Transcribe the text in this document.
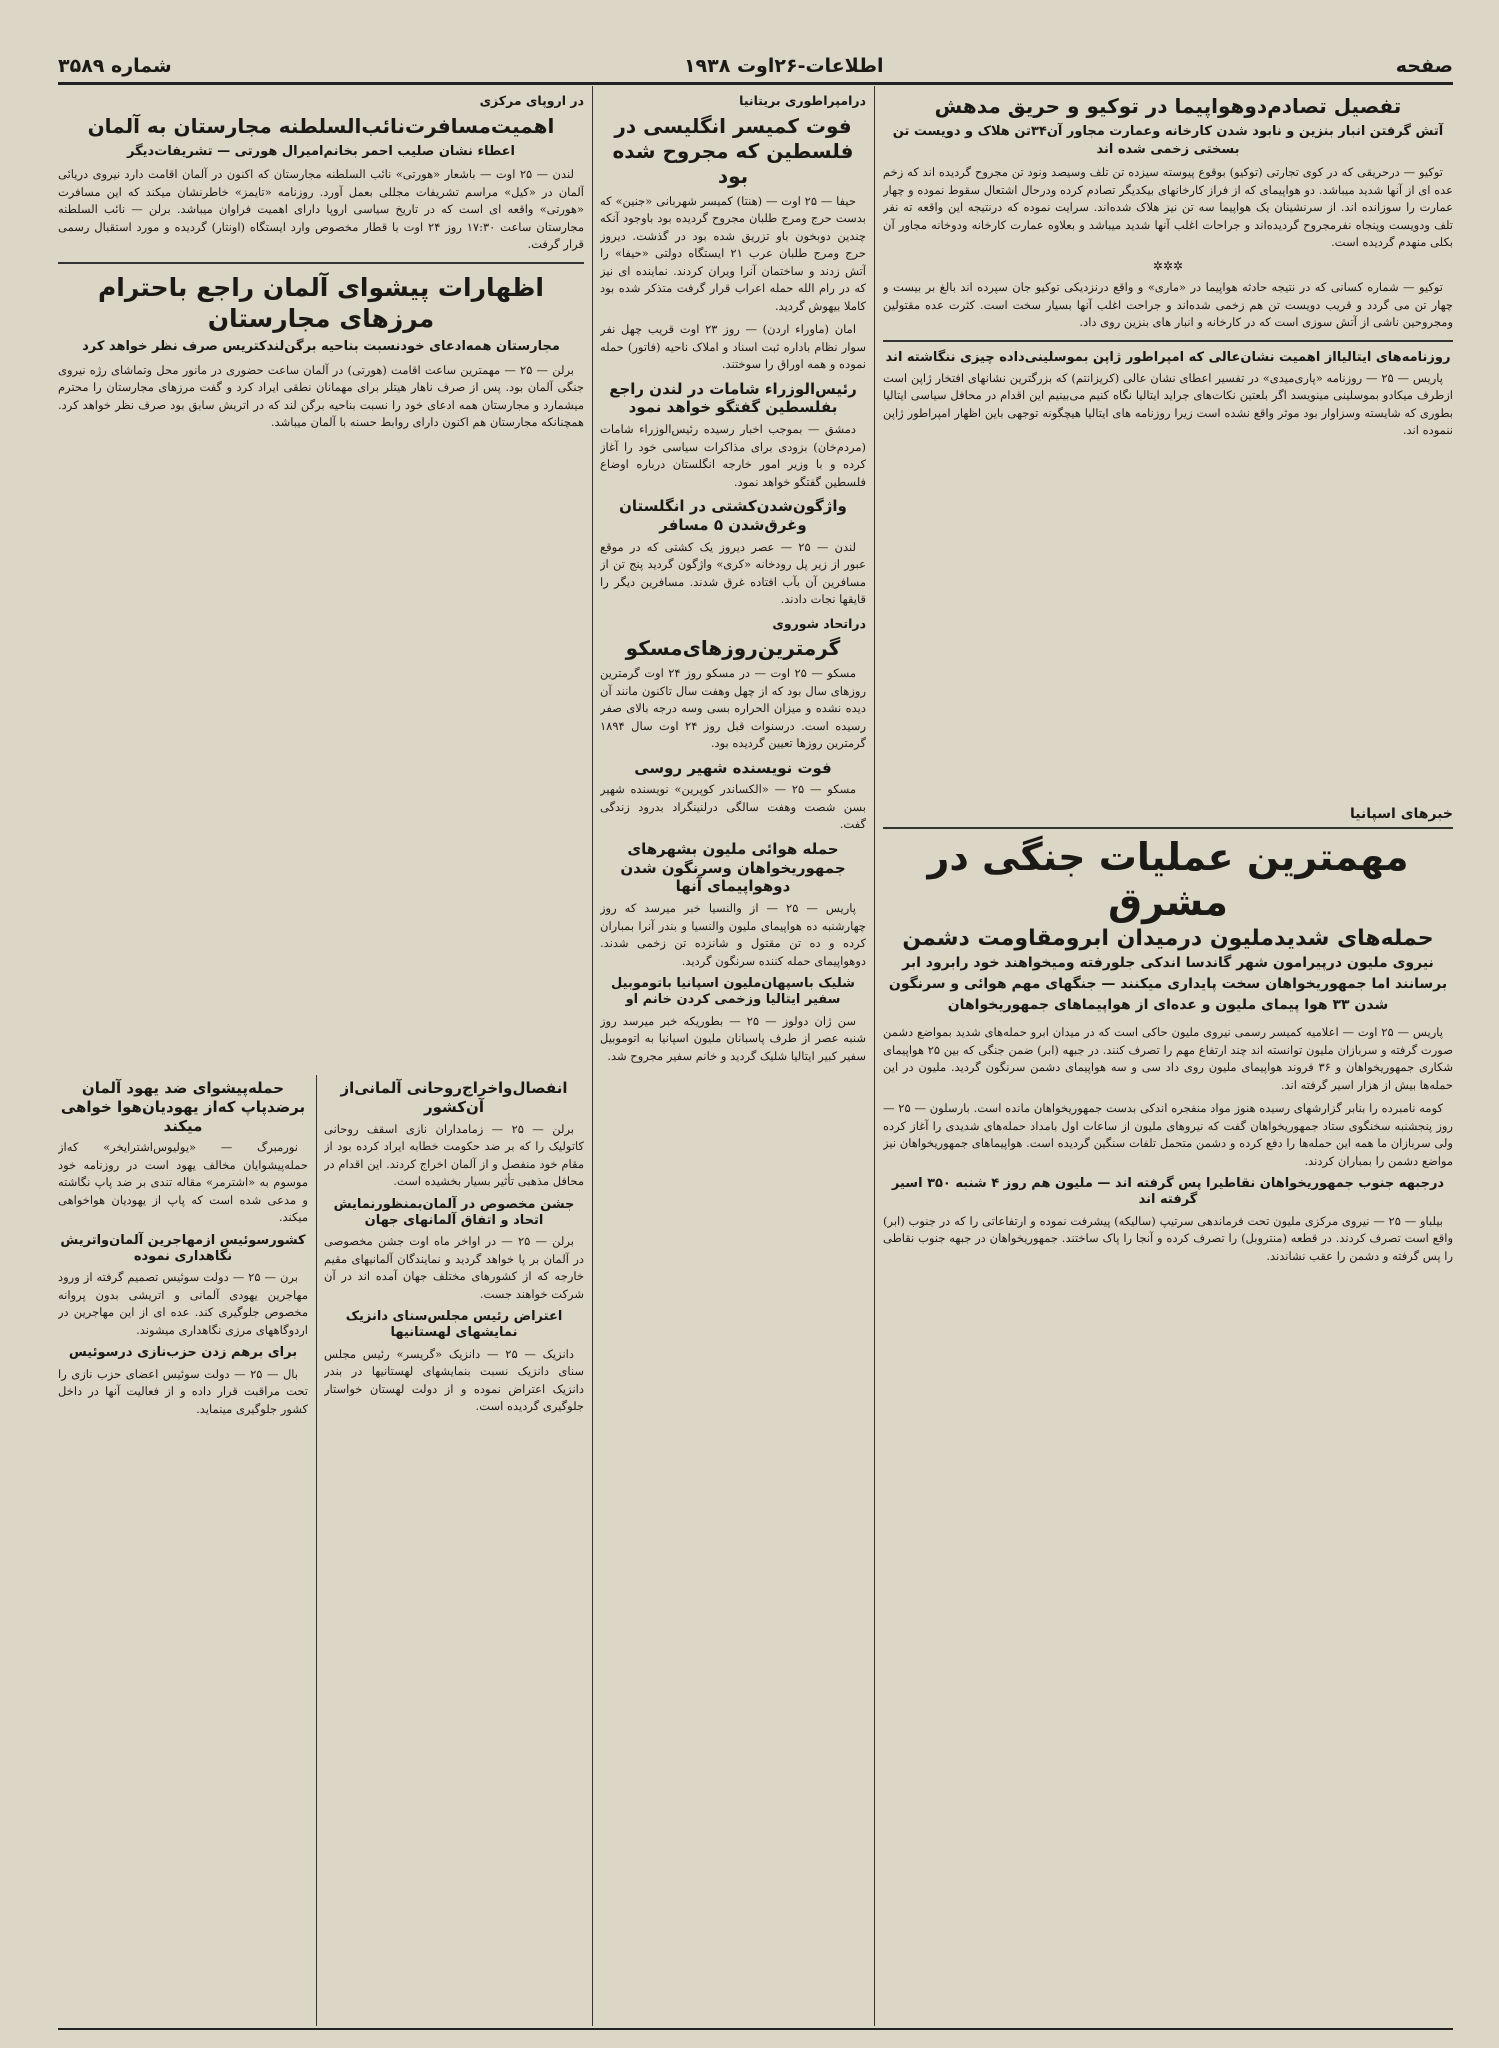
صفحه
اطلاعات-۲۶اوت ۱۹۳۸
شماره ۳۵۸۹
تفصیل تصادم‌دوهواپیما در توکیو و حریق مدهش
آتش گرفتن انبار بنزین و نابود شدن کارخانه وعمارت مجاور آن۳۴تن هلاک و دویست تن بسختی زخمی شده اند

توکیو — درحریقی که در کوی تجارتی (توکیو) بوقوع پیوسته سیزده تن تلف وسیصد ونود تن مجروح گردیده اند که زخم عده ای از آنها شدید میباشد. دو هواپیمای که از فراز کارخانهای بیکدیگر تصادم کرده ودرحال اشتعال سقوط نموده و چهار عمارت را سوزانده اند. از سرنشینان یک هواپیما سه تن نیز هلاک شده‌اند. سرایت نموده که درنتیجه این واقعه ته نفر تلف ودویست وپنجاه نفرمجروح گردیده‌اند و جراحات اغلب آنها شدید میباشد و بعلاوه عمارت کارخانه ودوخانه مجاور آن بکلی منهدم گردیده است.

✲✲✲

توکیو — شماره کسانی که در نتیجه حادثه هواپیما در «ماری» و واقع درنزدیکی توکیو جان سپرده اند بالغ بر بیست و چهار تن می گردد و قریب دویست تن هم زخمی شده‌اند و جراحت اغلب آنها بسیار سخت است. کثرت عده مقتولین ومجروحین ناشی از آتش سوزی است که در کارخانه و انبار های بنزین روی داد.

روزنامه‌های ایتالیااز اهمیت نشان‌عالی که امپراطور ژاپن بموسلینی‌داده چیزی ننگاشته اند

پاریس — ۲۵ — روزنامه «پاری‌میدی» در تفسیر اعطای نشان عالی (کریزانتم) که بزرگترین نشانهای افتخار ژاپن است ازطرف میکادو بموسلینی مینویسد اگر بلعتین نکات‌های جراید ایتالیا نگاه کنیم می‌بینیم این اقدام در محافل سیاسی ایتالیا بطوری که شایسته وسزاوار بود موثر واقع نشده است زیرا روزنامه های ایتالیا هیچگونه توجهی باین اظهار امپراطور ژاپن ننموده اند.

خبرهای اسپانیا
مهمترین عملیات جنگی در مشرق
حمله‌های شدیدملیون درمیدان ابرومقاومت دشمن
نیروی ملیون درپیرامون شهر گاندسا اندکی جلورفته ومیخواهند خود رابرود ابر برسانند اما جمهوریخواهان سخت پایداری میکنند — جنگهای مهم هوائی و سرنگون شدن ۳۳ هوا پیمای ملیون و عده‌ای از هواپیماهای جمهوریخواهان

پاریس — ۲۵ اوت — اعلامیه کمیسر رسمی نیروی ملیون حاکی است که در میدان ابرو حمله‌های شدید بمواضع دشمن صورت گرفته و سربازان ملیون توانسته اند چند ارتفاع مهم را تصرف کنند. در جبهه (ابر) ضمن جنگی که بین ۲۵ هواپیمای شکاری جمهوریخواهان و ۳۶ فروند هواپیمای ملیون روی داد سی و سه هواپیمای دشمن سرنگون گردید. ملیون در این حمله‌ها بیش از هزار اسیر گرفته اند.

کومه نامبرده را بنابر گزارشهای رسیده هنوز مواد منفجره اندکی بدست جمهوریخواهان مانده است. بارسلون — ۲۵ — روز پنجشنبه سخنگوی ستاد جمهوریخواهان گفت که نیروهای ملیون از ساعات اول بامداد حمله‌های شدیدی را آغاز کرده ولی سربازان ما همه این حمله‌ها را دفع کرده و دشمن متحمل تلفات سنگین گردیده است. هواپیماهای جمهوریخواهان نیز مواضع دشمن را بمباران کردند.

درجبهه جنوب جمهوریخواهان نقاطیرا پس گرفته اند — ملیون هم روز ۴ شنبه ۳۵۰ اسیر گرفته اند

بیلباو — ۲۵ — نیروی مرکزی ملیون تحت فرماندهی سرتیپ (سالیکه) پیشرفت نموده و ارتفاعاتی را که در جنوب (ابر) واقع است تصرف کردند. در قطعه (منتروبل) را تصرف کرده و آنجا را پاک ساختند. جمهوریخواهان در جبهه جنوب نقاطی را پس گرفته و دشمن را عقب نشاندند.

درامپراطوری بریتانیا
فوت کمیسر انگلیسی در فلسطین که مجروح شده بود

حیفا — ۲۵ اوت — (هنتا) کمیسر شهربانی «جنین» که بدست حرج ومرج طلبان مجروح گردیده بود باوجود آنکه چندین دوبخون باو تزریق شده بود در گذشت. دیروز حرج ومرج طلبان عرب ۲۱ ایستگاه دولتی «حیفا» را آتش زدند و ساختمان آنرا ویران کردند. نماینده ای نیز که در رام الله حمله اعراب قرار گرفت متذکر شده بود کاملا بیهوش گردید.

امان (ماوراء اردن) — روز ۲۳ اوت قریب چهل نفر سوار نظام باداره ثبت اسناد و املاک ناحیه (فاتور) حمله نموده و همه اوراق را سوختند.

رئیس‌الوزراء شامات در لندن راجع بفلسطین گفتگو خواهد نمود

دمشق — بموجب اخبار رسیده رئیس‌الوزراء شامات (مردم‌خان) بزودی برای مذاکرات سیاسی خود را آغاز کرده و با وزیر امور خارجه انگلستان درباره اوضاع فلسطین گفتگو خواهد نمود.

واژگون‌شدن‌کشتی در انگلستان وغرق‌شدن ۵ مسافر

لندن — ۲۵ — عصر دیروز یک کشتی که در موقع عبور از زیر پل رودخانه «کری» واژگون گردید پنج تن از مسافرین آن بآب افتاده غرق شدند. مسافرین دیگر را قایقها نجات دادند.

دراتحاد شوروی
گرمترین‌روزهای‌مسکو

مسکو — ۲۵ اوت — در مسکو روز ۲۴ اوت گرمترین روزهای سال بود که از چهل وهفت سال تاکنون مانند آن دیده نشده و میزان الحراره بسی وسه درجه بالای صفر رسیده است. درسنوات قبل روز ۲۴ اوت سال ۱۸۹۴ گرمترین روزها تعیین گردیده بود.

فوت نویسنده شهیر روسی

مسکو — ۲۵ — «الکساندر کوپرین» نویسنده شهیر بسن شصت وهفت سالگی درلنینگراد بدرود زندگی گفت.

حمله هوائی ملیون بشهرهای جمهوریخواهان وسرنگون شدن دوهواپیمای آنها

پاریس — ۲۵ — از والنسیا خبر میرسد که روز چهارشنبه ده هواپیمای ملیون والنسیا و بندر آنرا بمباران کرده و ده تن مقتول و شانزده تن زخمی شدند. دوهواپیمای حمله کننده سرنگون گردید.

شلیک باسپهان‌ملیون اسپانیا باتوموبیل سفیر ایتالیا وزخمی کردن خانم او

سن ژان دولوز — ۲۵ — بطوریکه خبر میرسد روز شنبه عصر از طرف پاسبانان ملیون اسپانیا به اتوموبیل سفیر کبیر ایتالیا شلیک گردید و خانم سفیر مجروح شد.

در اروپای مرکزی
اهمیت‌مسافرت‌نائب‌السلطنه مجارستان به آلمان
اعطاء نشان صلیب احمر بخانم‌امیرال هورتی — تشریفات‌دیگر

لندن — ۲۵ اوت — باشعار «هورتی» نائب السلطنه مجارستان که اکنون در آلمان اقامت دارد نیروی دریائی آلمان در «کیل» مراسم تشریفات مجللی بعمل آورد. روزنامه «تایمز» خاطرنشان میکند که این مسافرت «هورتی» واقعه ای است که در تاریخ سیاسی اروپا دارای اهمیت فراوان میباشد. برلن — نائب السلطنه مجارستان ساعت ۱۷:۳۰ روز ۲۴ اوت با قطار مخصوص وارد ایستگاه (اونتار) گردیده و مورد استقبال رسمی قرار گرفت.

اظهارات پیشوای آلمان راجع باحترام مرزهای مجارستان
مجارستان همه‌ادعای خودنسبت بناحیه برگن‌لندکتریس صرف نظر خواهد کرد

برلن — ۲۵ — مهمترین ساعت اقامت (هورتی) در آلمان ساعت حضوری در مانور محل وتماشای رژه نیروی جنگی آلمان بود. پس از صرف ناهار هیتلر برای مهمانان نطقی ایراد کرد و گفت مرزهای مجارستان را محترم میشمارد و مجارستان همه ادعای خود را نسبت بناحیه برگن لند که در اتریش سابق بود صرف نظر خواهد کرد. همچنانکه مجارستان هم اکنون دارای روابط حسنه با آلمان میباشد.

حمله‌پیشوای ضد یهود آلمان برضدپاپ که‌از یهودیان‌هوا خواهی میکند

نورمبرگ — «یولیوس‌اشترایخر» که‌از حمله‌پیشوایان مخالف یهود است در روزنامه خود موسوم به «اشترمر» مقاله تندی بر ضد پاپ نگاشته و مدعی شده است که پاپ از یهودیان هواخواهی میکند.

کشورسوئیس ازمهاجرین آلمان‌واتریش نگاهداری نموده

برن — ۲۵ — دولت سوئیس تصمیم گرفته از ورود مهاجرین یهودی آلمانی و اتریشی بدون پروانه مخصوص جلوگیری کند. عده ای از این مهاجرین در اردوگاههای مرزی نگاهداری میشوند.

برای برهم زدن حزب‌نازی درسوئیس

بال — ۲۵ — دولت سوئیس اعضای حزب نازی را تحت مراقبت قرار داده و از فعالیت آنها در داخل کشور جلوگیری مینماید.

انفصال‌واخراج‌روحانی آلمانی‌از آن‌کشور

برلن — ۲۵ — زمامداران نازی اسقف روحانی کاتولیک را که بر ضد حکومت خطابه ایراد کرده بود از مقام خود منفصل و از آلمان اخراج کردند. این اقدام در محافل مذهبی تأثیر بسیار بخشیده است.

جشن مخصوص در آلمان‌بمنظور‌نمایش اتحاد و اتفاق آلمانهای جهان

برلن — ۲۵ — در اواخر ماه اوت جشن مخصوصی در آلمان بر پا خواهد گردید و نمایندگان آلمانیهای مقیم خارجه که از کشورهای مختلف جهان آمده اند در آن شرکت خواهند جست.

اعتراض رئیس مجلس‌سنای دانزیک نمایشهای لهستانیها

دانزیک — ۲۵ — دانزیک «گریسر» رئیس مجلس سنای دانزیک نسبت بنمایشهای لهستانیها در بندر دانزیک اعتراض نموده و از دولت لهستان خواستار جلوگیری گردیده است.
